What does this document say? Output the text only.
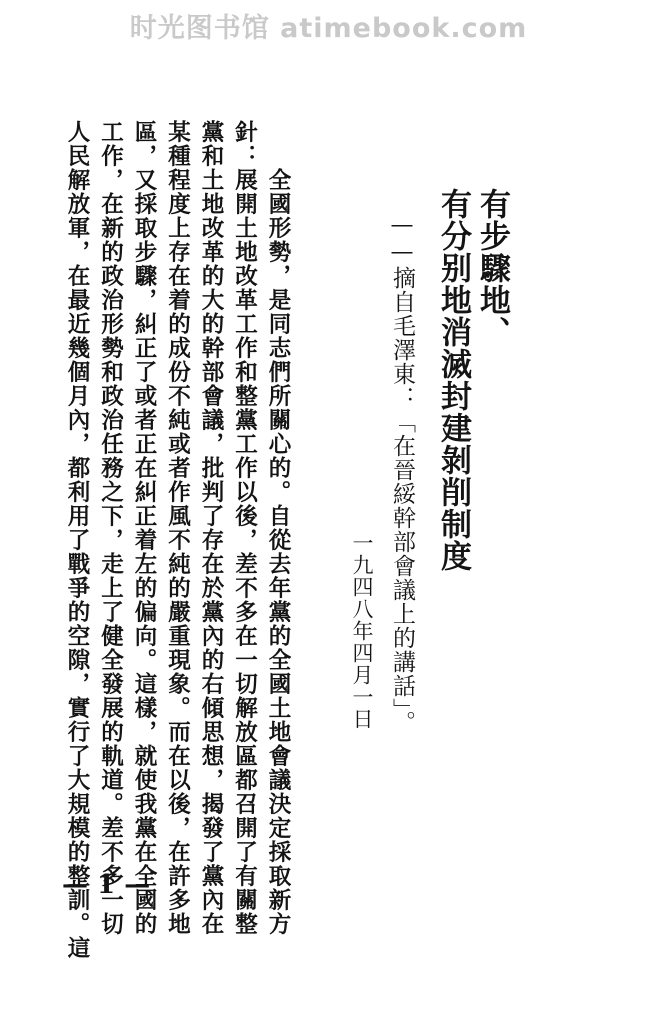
时光图书馆 atimebook.com
有步驟地、
有分别地消滅封建剝削制度
——摘自毛澤東：「在晉綏幹部會議上的講話」。
一九四八年四月一日
全國形勢，是同志們所關心的。自從去年黨的全國土地會議決定採取新方
針：展開土地改革工作和整黨工作以後，差不多在一切解放區都召開了有關整
黨和土地改革的大的幹部會議，批判了存在於黨內的右傾思想，揭發了黨內在
某種程度上存在着的成份不純或者作風不純的嚴重現象。而在以後，在許多地
區，又採取步驟，糾正了或者正在糾正着左的偏向。這樣，就使我黨在全國的
工作，在新的政治形勢和政治任務之下，走上了健全發展的軌道。差不多一切
人民解放軍，在最近幾個月內，都利用了戰爭的空隙，實行了大規模的整訓。這
— 1 —
